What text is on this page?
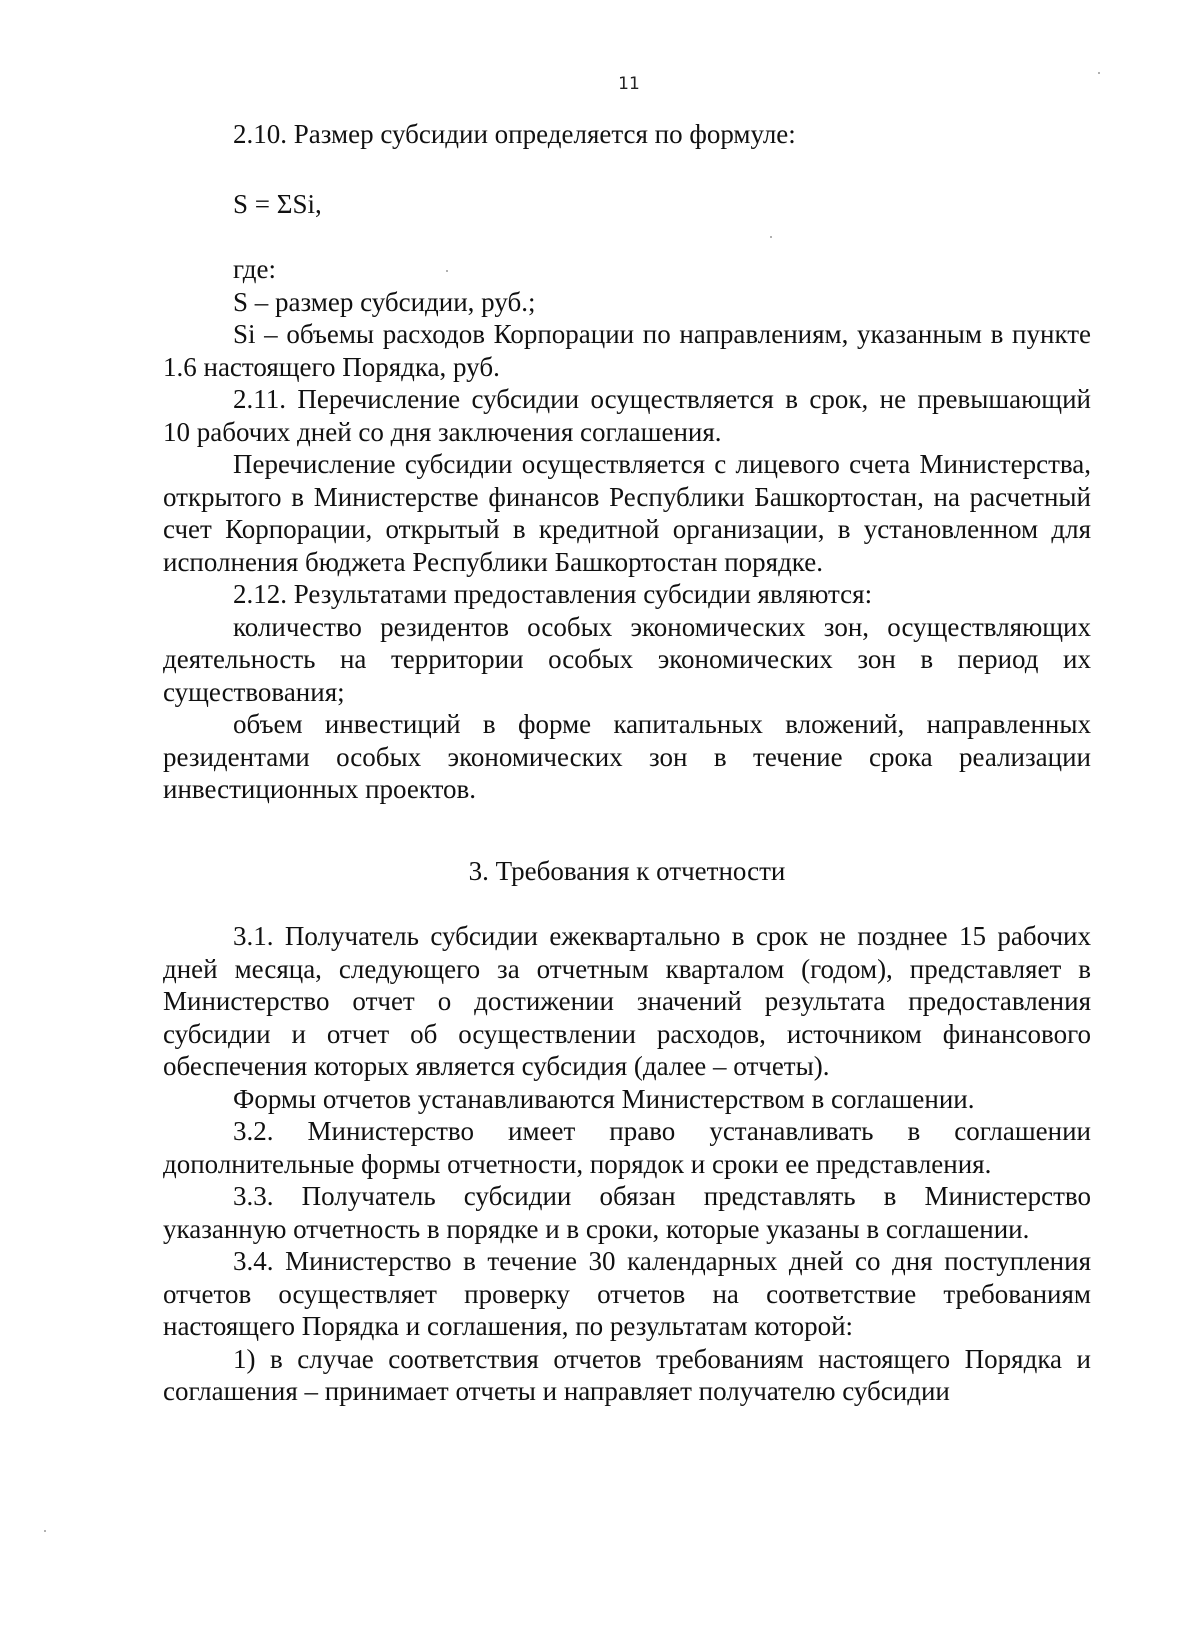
11

2.10. Размер субсидии определяется по формуле:

S = ΣSi,

где:

S – размер субсидии, руб.;

Si – объемы расходов Корпорации по направлениям, указанным в пункте 1.6 настоящего Порядка, руб.

2.11. Перечисление субсидии осуществляется в срок, не превышающий 10 рабочих дней со дня заключения соглашения.

Перечисление субсидии осуществляется с лицевого счета Министерства, открытого в Министерстве финансов Республики Башкортостан, на расчетный счет Корпорации, открытый в кредитной организации, в установленном для исполнения бюджета Республики Башкортостан порядке.

2.12. Результатами предоставления субсидии являются:

количество резидентов особых экономических зон, осуществляющих деятельность на территории особых экономических зон в период их существования;

объем инвестиций в форме капитальных вложений, направленных резидентами особых экономических зон в течение срока реализации инвестиционных проектов.

3. Требования к отчетности

3.1. Получатель субсидии ежеквартально в срок не позднее 15 рабочих дней месяца, следующего за отчетным кварталом (годом), представляет в Министерство отчет о достижении значений результата предоставления субсидии и отчет об осуществлении расходов, источником финансового обеспечения которых является субсидия (далее – отчеты).

Формы отчетов устанавливаются Министерством в соглашении.

3.2. Министерство имеет право устанавливать в соглашении дополнительные формы отчетности, порядок и сроки ее представления.

3.3. Получатель субсидии обязан представлять в Министерство указанную отчетность в порядке и в сроки, которые указаны в соглашении.

3.4. Министерство в течение 30 календарных дней со дня поступления отчетов осуществляет проверку отчетов на соответствие требованиям настоящего Порядка и соглашения, по результатам которой:

1) в случае соответствия отчетов требованиям настоящего Порядка и соглашения – принимает отчеты и направляет получателю субсидии
